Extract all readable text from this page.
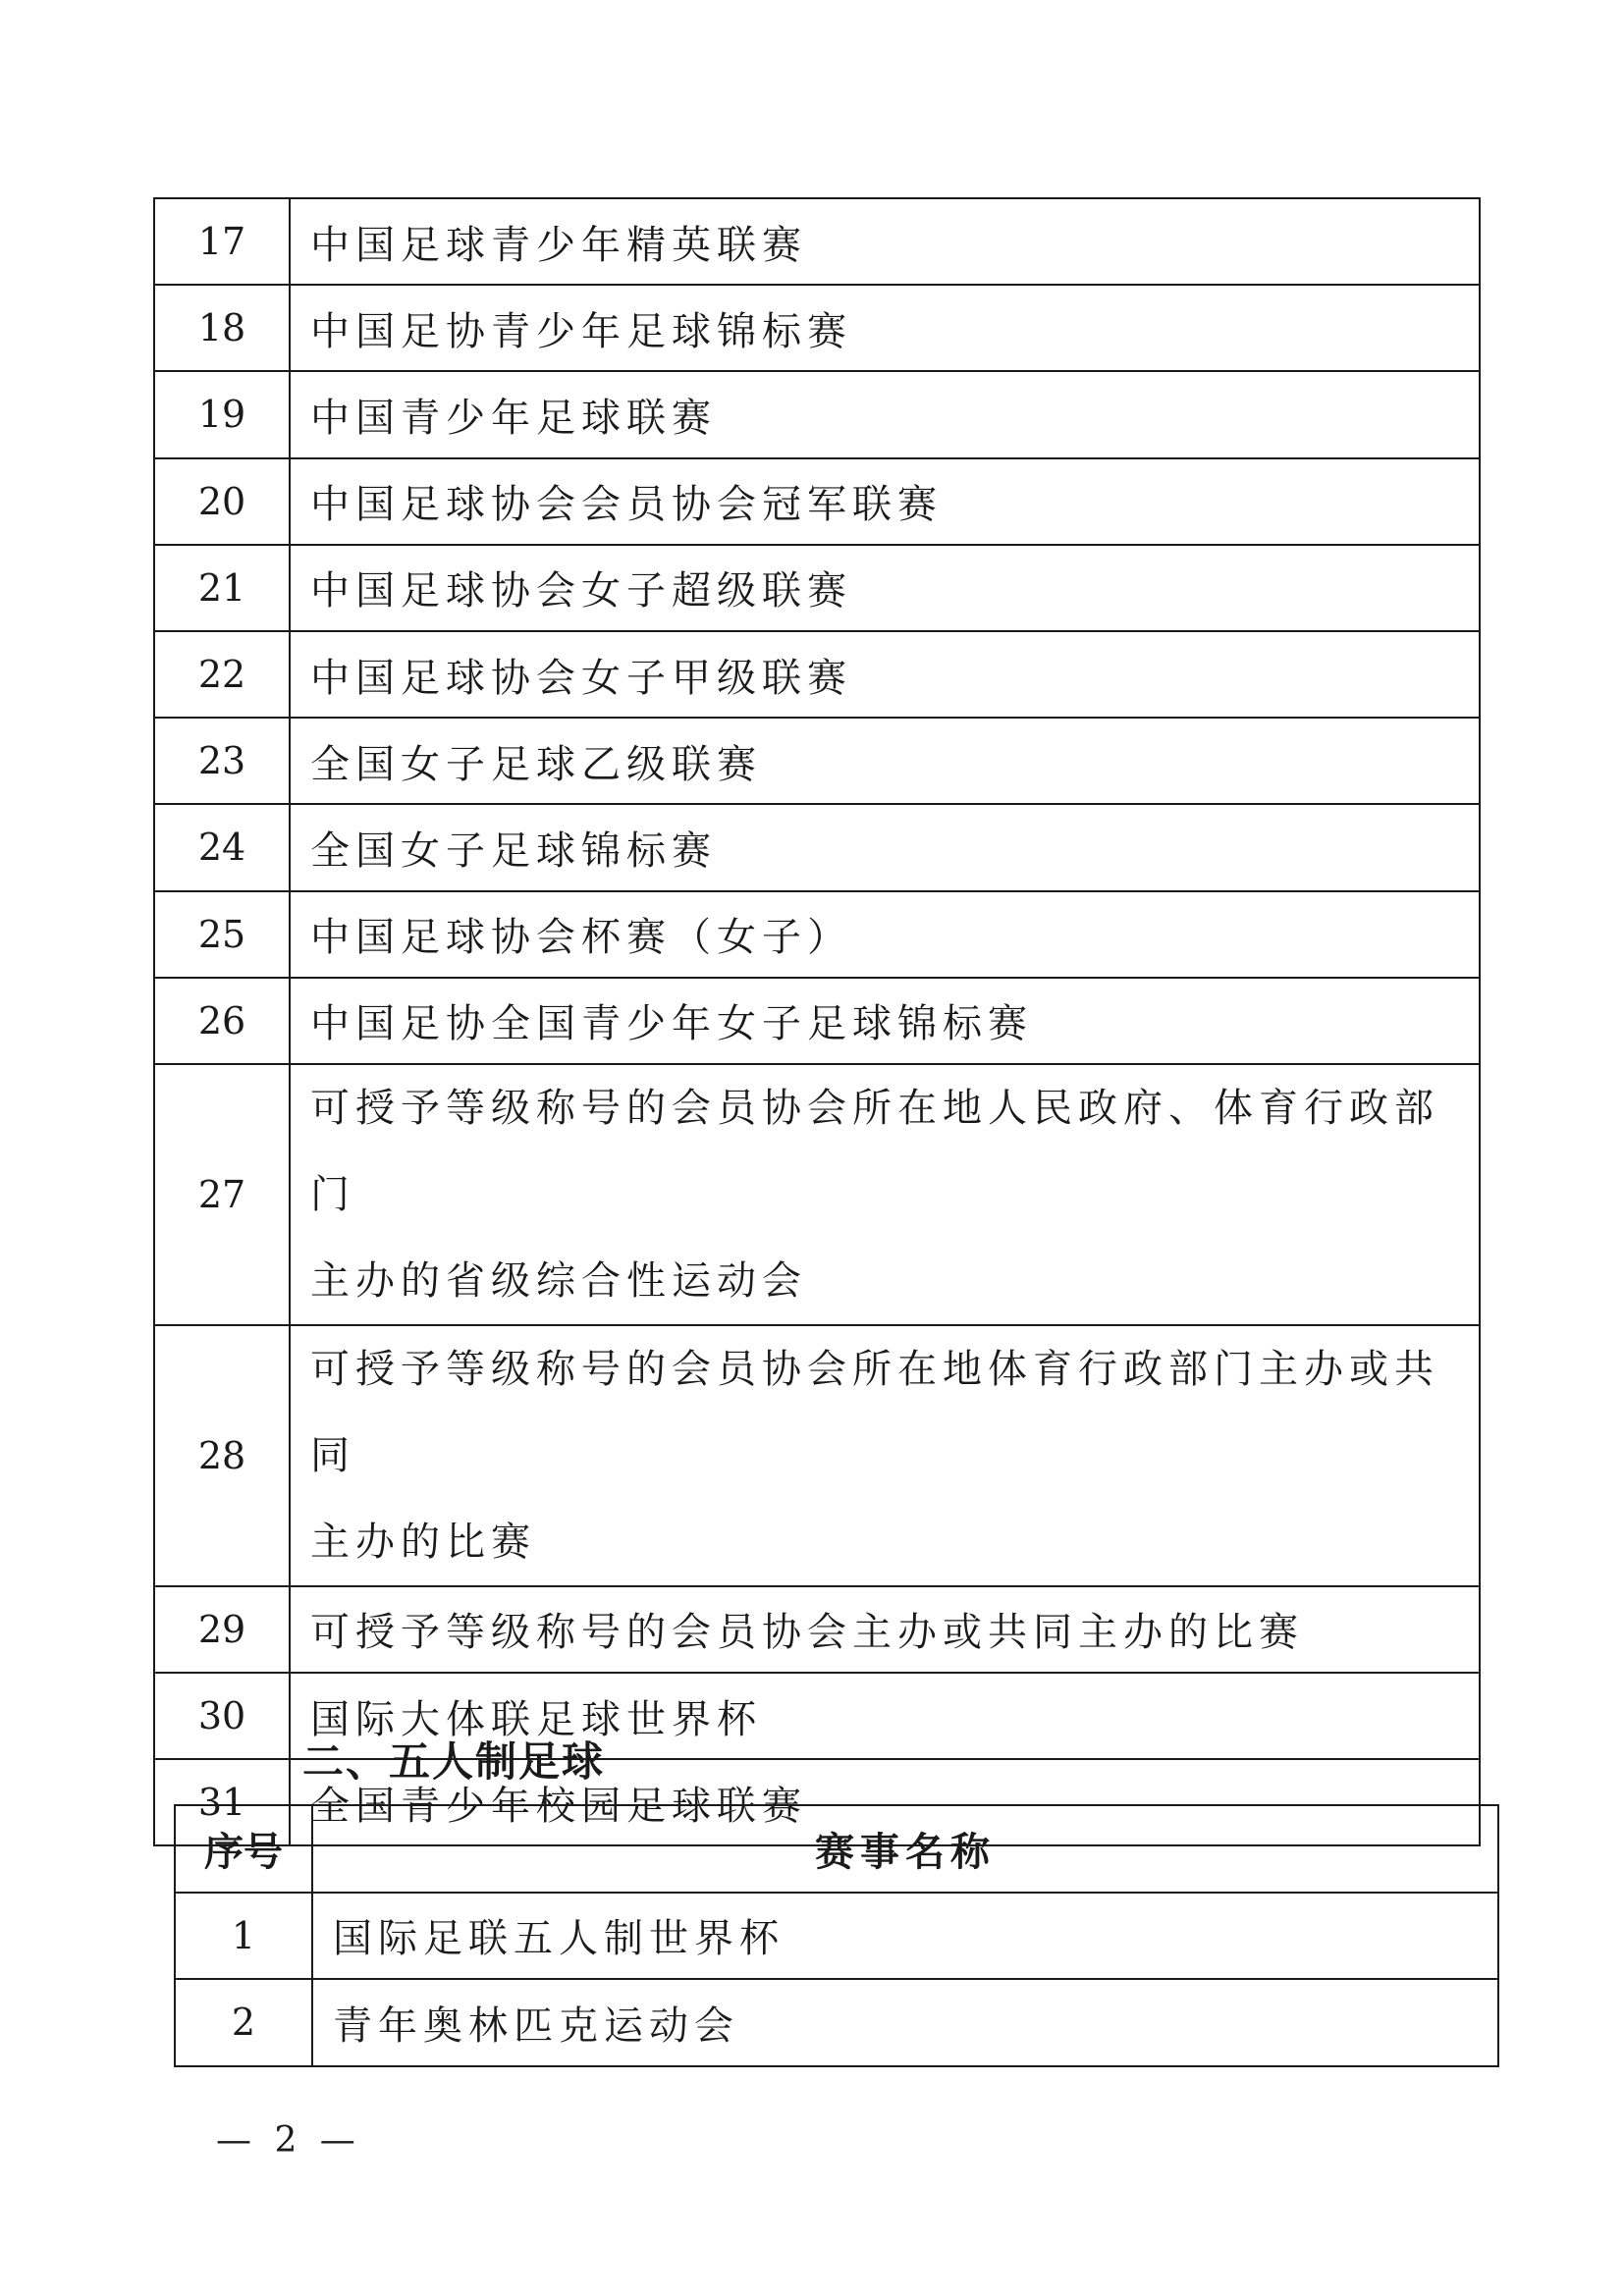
17	中国足球青少年精英联赛
18	中国足协青少年足球锦标赛
19	中国青少年足球联赛
20	中国足球协会会员协会冠军联赛
21	中国足球协会女子超级联赛
22	中国足球协会女子甲级联赛
23	全国女子足球乙级联赛
24	全国女子足球锦标赛
25	中国足球协会杯赛（女子）
26	中国足协全国青少年女子足球锦标赛
27	可授予等级称号的会员协会所在地人民政府、体育行政部门
主办的省级综合性运动会
28	可授予等级称号的会员协会所在地体育行政部门主办或共同
主办的比赛
29	可授予等级称号的会员协会主办或共同主办的比赛
30	国际大体联足球世界杯
31	全国青少年校园足球联赛
二、五人制足球
序号	赛事名称
1	国际足联五人制世界杯
2	青年奥林匹克运动会
— 2 —
